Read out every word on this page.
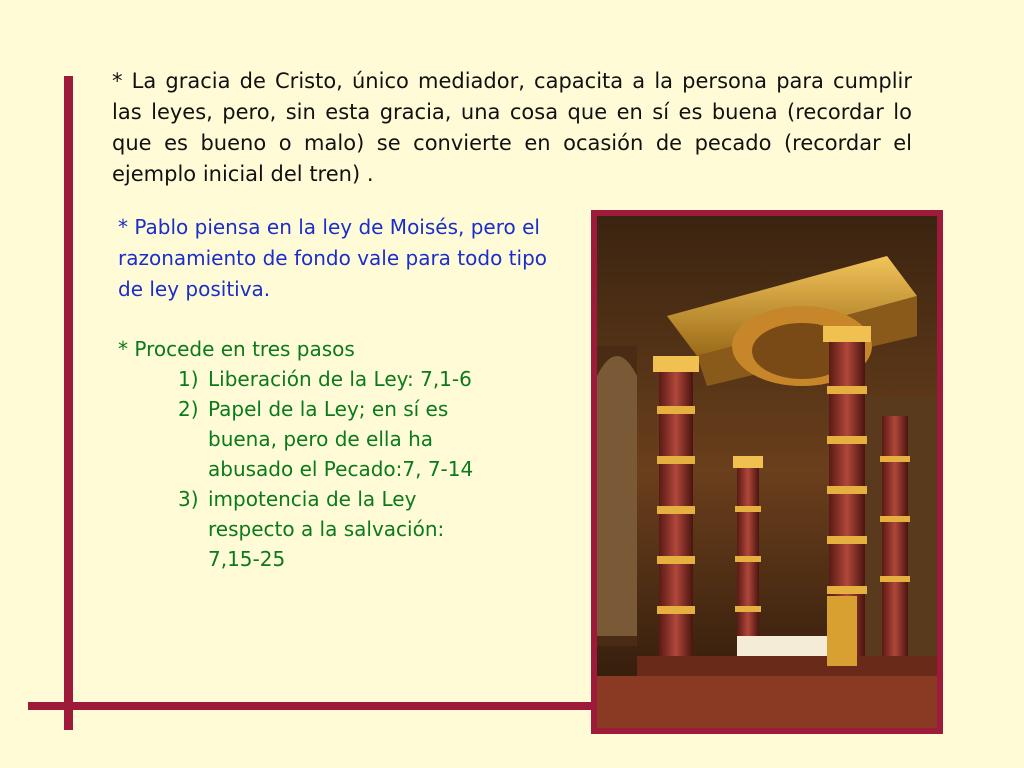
* La gracia de Cristo, único mediador, capacita a la persona para cumplir las leyes, pero, sin esta gracia, una cosa que en sí es buena (recordar lo que es bueno o malo) se convierte en ocasión de pecado (recordar el ejemplo inicial del tren) .

* Pablo piensa en la ley de Moisés, pero el razonamiento de fondo vale para todo tipo de ley positiva.

* Procede en tres pasos
1) Liberación de la Ley: 7,1-6
2) Papel de la Ley; en sí es buena, pero de ella ha abusado el Pecado:7, 7-14
3) impotencia de la Ley respecto a la salvación: 7,15-25
